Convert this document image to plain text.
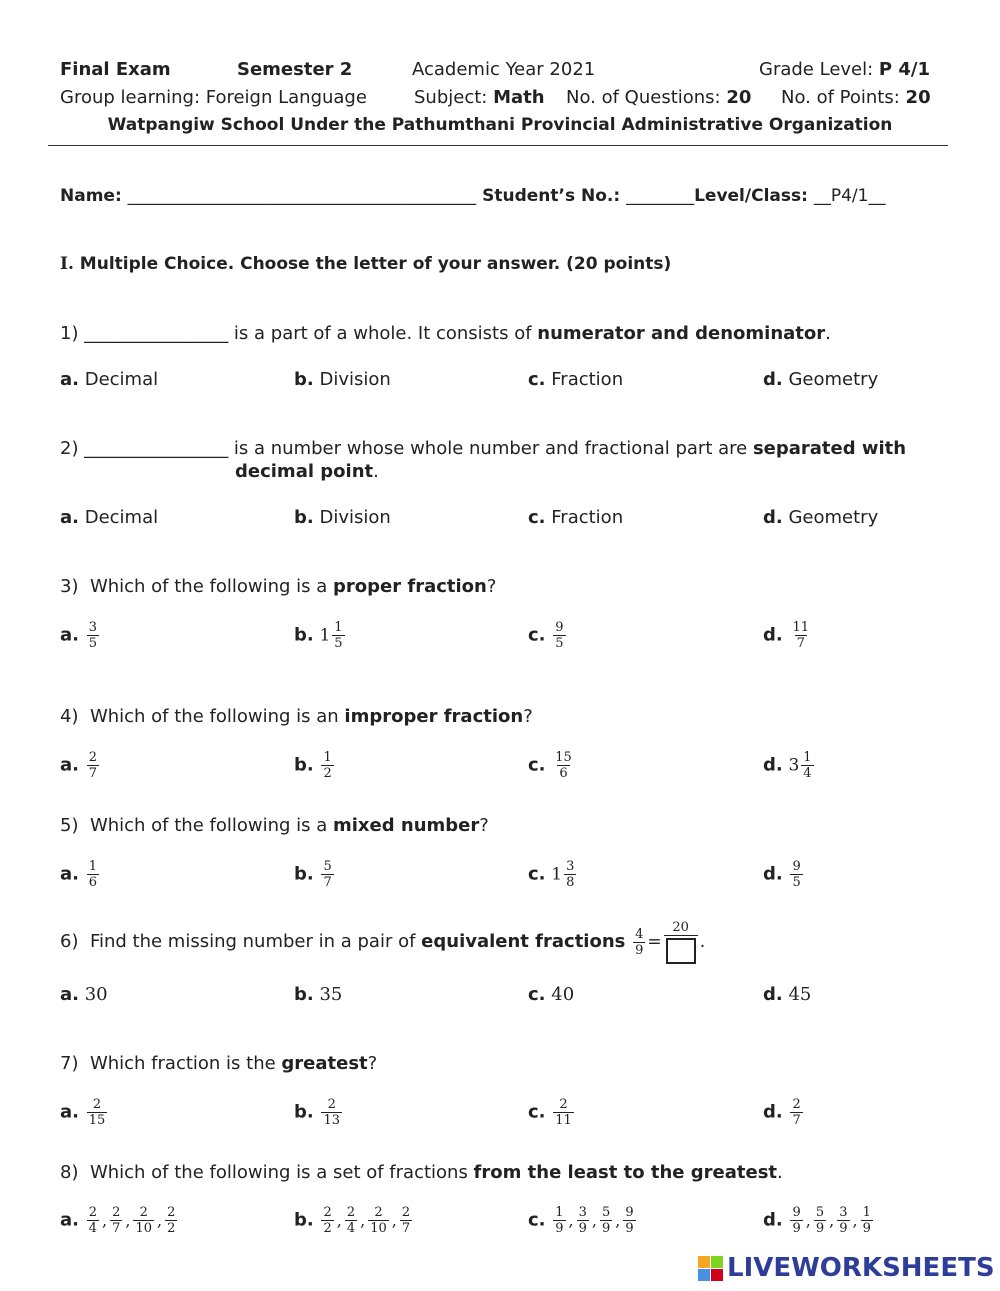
Final Exam	Semester 2	Academic Year 2021	Grade Level: P 4/1
Group learning: Foreign Language	Subject: Math No. of Questions: 20 No. of Points: 20
Watpangiw School Under the Pathumthani Provincial Administrative Organization
Name: _________________________________________ Student’s No.: ________Level/Class: __P4/1__
I. Multiple Choice. Choose the letter of your answer. (20 points)
1) ________________ is a part of a whole. It consists of numerator and denominator.
a. Decimal	b. Division	c. Fraction	d. Geometry
2) ________________ is a number whose whole number and fractional part are separated with
decimal point.
a. Decimal	b. Division	c. Fraction	d. Geometry
3) Which of the following is a proper fraction?
a. $\frac{3}{5}$	b. $1 \frac{1}{5}$	c. $\frac{9}{5}$	d. $\frac{11}{7}$
4) Which of the following is an improper fraction?
a. $\frac{2}{7}$	b. $\frac{1}{2}$	c. $\frac{15}{6}$	d. $3 \frac{1}{4}$
5) Which of the following is a mixed number?
a. $\frac{1}{6}$	b. $\frac{5}{7}$	c. $1 \frac{3}{8}$	d. $\frac{9}{5}$
6) Find the missing number in a pair of equivalent fractions $\frac{4}{9}$ =
20
.
a. 30	b. 35	c. 40	d. 45
7) Which fraction is the greatest?
a. $\frac{2}{15}$	b. $\frac{2}{13}$	c. $\frac{2}{11}$	d. $\frac{2}{7}$
8) Which of the following is a set of fractions from the least to the greatest.
a. $\frac{2}{4}$ , $\frac{2}{7}$ , $\frac{2}{10}$ , $\frac{2}{2}$	b. $\frac{2}{2}$ , $\frac{2}{4}$ , $\frac{2}{10}$ , $\frac{2}{7}$	c. $\frac{1}{9}$ , $\frac{3}{9}$ , $\frac{5}{9}$ , $\frac{9}{9}$	d. $\frac{9}{9}$ , $\frac{5}{9}$ , $\frac{3}{9}$ , $\frac{1}{9}$
LIVEWORKSHEETS
